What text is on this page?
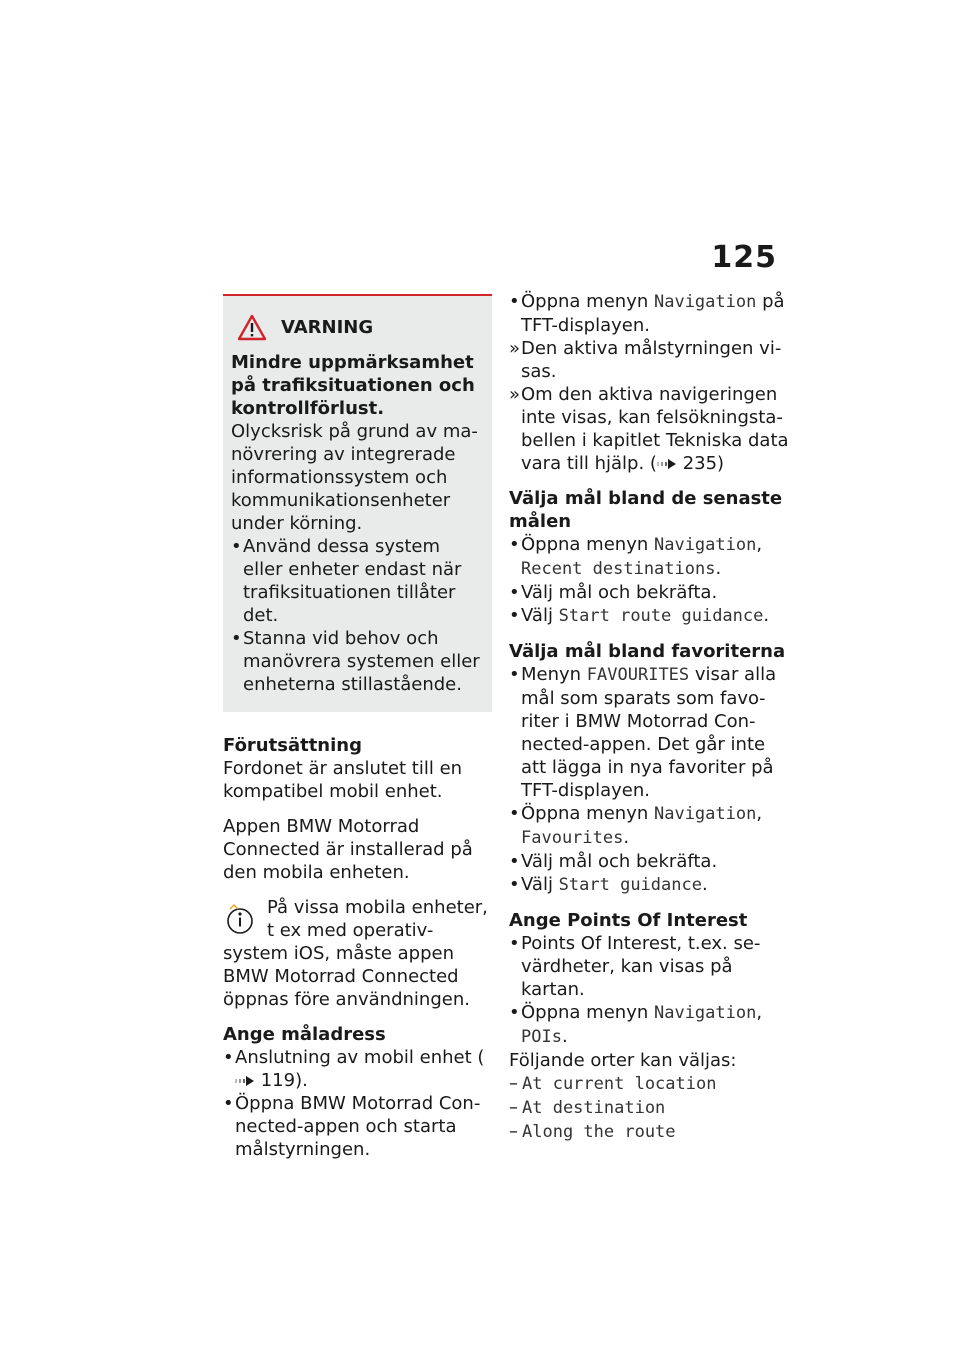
125
VARNING

Mindre uppmärksamhet på trafiksituationen och kontrollförlust.

Olycksrisk på grund av manövrering av integrerade informationssystem och kommunikationsenheter under körning.

• Använd dessa system eller enheter endast när trafiksituationen tillåter det.
• Stanna vid behov och manövrera systemen eller enheterna stillastående.

Förutsättning

Fordonet är anslutet till en kompatibel mobil enhet.

Appen BMW Motorrad Connected är installerad på den mobila enheten.

På vissa mobila enheter,

t ex med operativ-

system iOS, måste appen BMW Motorrad Connected öppnas före användningen.

Ange måladress

• Anslutning av mobil enhet ( 119).
• Öppna BMW Motorrad Connected-appen och starta målstyrningen.
• Öppna menyn Navigation på TFT-displayen.
» Den aktiva målstyrningen visas.
» Om den aktiva navigeringen inte visas, kan felsökningstabellen i kapitlet Tekniska data vara till hjälp. ( 235)

Välja mål bland de senaste målen

• Öppna menyn Navigation, Recent destinations.
• Välj mål och bekräfta.
• Välj Start route guidance.

Välja mål bland favoriterna

• Menyn FAVOURITES visar alla mål som sparats som favoriter i BMW Motorrad Connected-appen. Det går inte att lägga in nya favoriter på TFT-displayen.
• Öppna menyn Navigation, Favourites.
• Välj mål och bekräfta.
• Välj Start guidance.

Ange Points Of Interest

• Points Of Interest, t.ex. sevärdheter, kan visas på kartan.
• Öppna menyn Navigation, POIs.

Följande orter kan väljas:

– At current location
– At destination
– Along the route
